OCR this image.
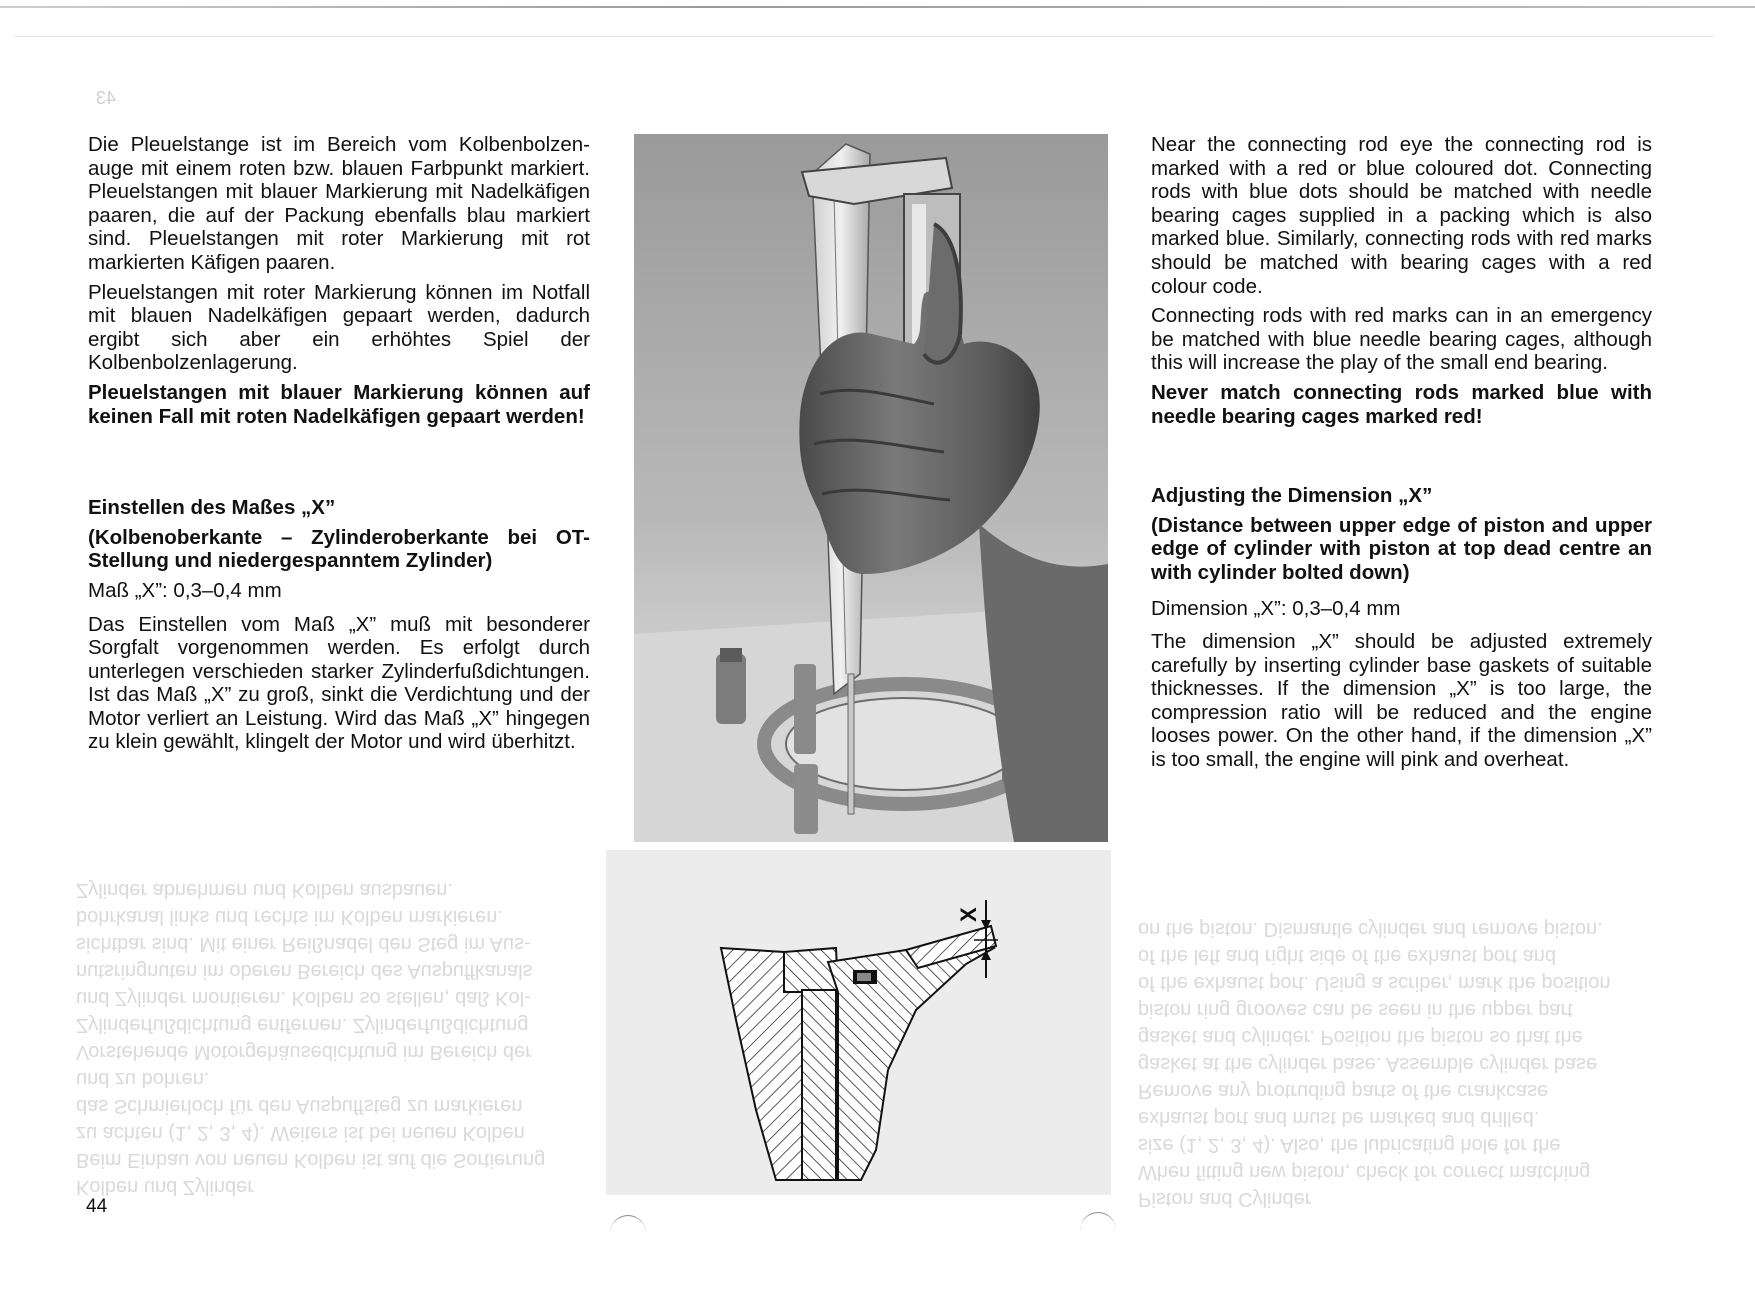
43
Kolben und Zylinder
Beim Einbau von neuen Kolben ist auf die Sortierung
zu achten (1, 2, 3, 4). Weiters ist bei neuen Kolben
das Schmierloch für den Auspuffsteg zu markieren
und zu bohren.
Vorstehende Motorgehäusedichtung im Bereich der
Zylinderfußdichtung entfernen. Zylinderfußdichtung
und Zylinder montieren. Kolben so stellen, daß Kol-
nutsringnuten im oberen Bereich des Auspuffkanals
sichtbar sind. Mit einer Reißnadel den Steg im Aus-
bohrkanal links und rechts im Kolben markieren.
Zylinder abnehmen und Kolben ausbauen.
Piston and Cylinder
When fitting new piston, check for correct matching
size (1, 2, 3, 4). Also, the lubricating hole for the
exhaust port and must be marked and drilled.
Remove any protruding parts of the crankcase
gasket at the cylinder base. Assemble cylinder base
gasket and cylinder. Position the piston so that the
piston ring grooves can be seen in the upper part
of the exhaust port. Using a scriber, mark the position
of the left and right side of the exhaust port and
on the piston. Dismantle cylinder and remove piston.

Die Pleuelstange ist im Bereich vom Kolbenbolzen-auge mit einem roten bzw. blauen Farbpunkt markiert. Pleuelstangen mit blauer Markierung mit Nadelkäfigen paaren, die auf der Packung ebenfalls blau markiert sind. Pleuelstangen mit roter Markierung mit rot markierten Käfigen paaren.

Pleuelstangen mit roter Markierung können im Notfall mit blauen Nadelkäfigen gepaart werden, dadurch ergibt sich aber ein erhöhtes Spiel der Kolbenbolzenlagerung.

Pleuelstangen mit blauer Markierung können auf keinen Fall mit roten Nadelkäfigen gepaart werden!

Einstellen des Maßes „X”

(Kolbenoberkante – Zylinderoberkante bei OT-Stellung und niedergespanntem Zylinder)

Maß „X”: 0,3–0,4 mm

Das Einstellen vom Maß „X” muß mit besonderer Sorgfalt vorgenommen werden. Es erfolgt durch unterlegen verschieden starker Zylinderfußdichtungen. Ist das Maß „X” zu groß, sinkt die Verdichtung und der Motor verliert an Leistung. Wird das Maß „X” hingegen zu klein gewählt, klingelt der Motor und wird überhitzt.

Near the connecting rod eye the connecting rod is marked with a red or blue coloured dot. Connecting rods with blue dots should be matched with needle bearing cages supplied in a packing which is also marked blue. Similarly, connecting rods with red marks should be matched with bearing cages with a red colour code.

Connecting rods with red marks can in an emergency be matched with blue needle bearing cages, although this will increase the play of the small end bearing.

Never match connecting rods marked blue with needle bearing cages marked red!

Adjusting the Dimension „X”

(Distance between upper edge of piston and upper edge of cylinder with piston at top dead centre an with cylinder bolted down)

Dimension „X”: 0,3–0,4 mm

The dimension „X” should be adjusted extremely carefully by inserting cylinder base gaskets of suitable thicknesses. If the dimension „X” is too large, the compression ratio will be reduced and the engine looses power. On the other hand, if the dimension „X” is too small, the engine will pink and overheat.

X
44
